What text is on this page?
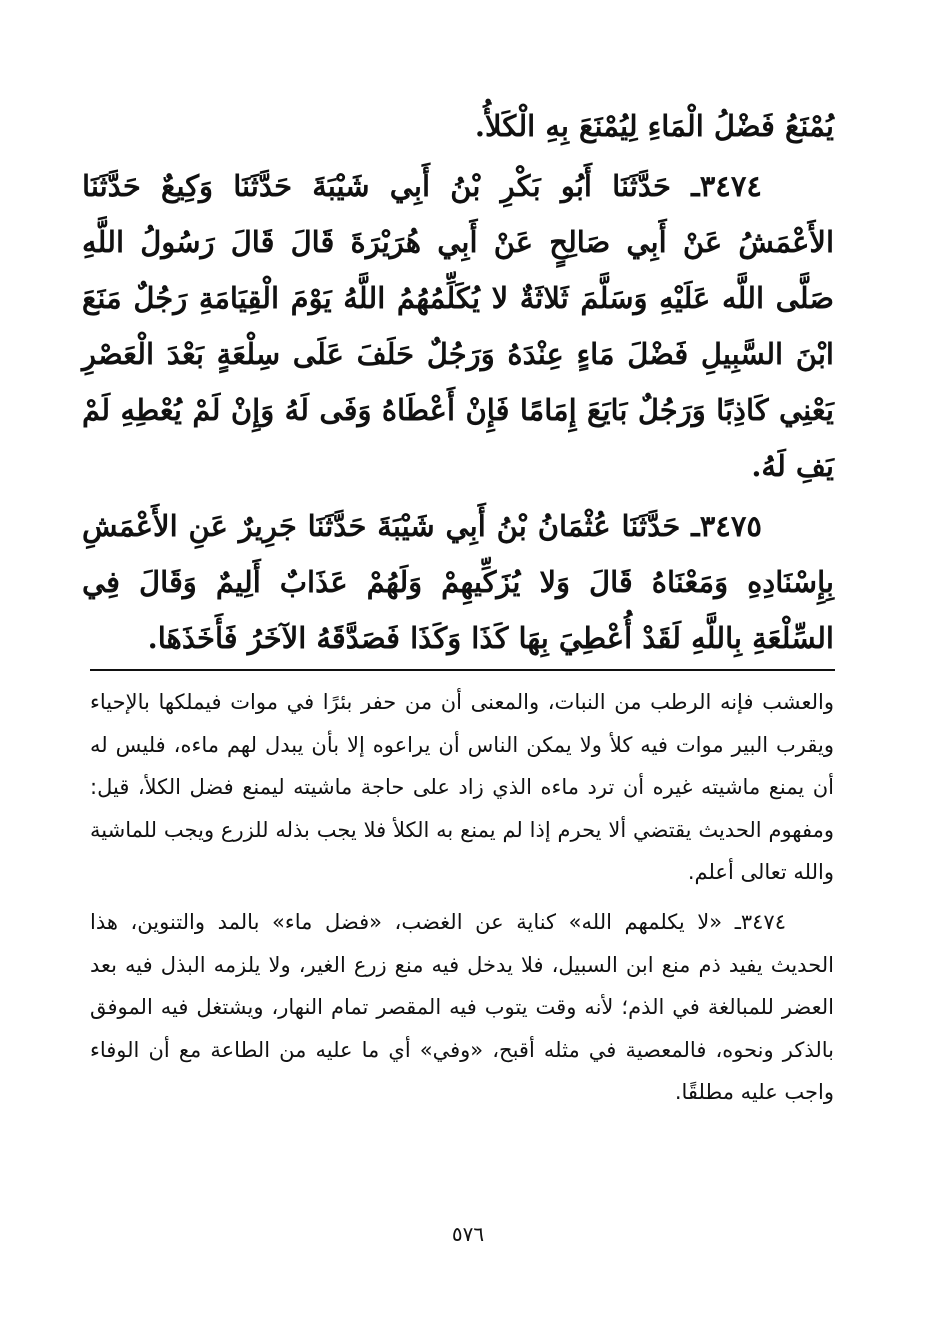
يُمْنَعُ فَضْلُ الْمَاءِ لِيُمْنَعَ بِهِ الْكَلأُ.

٣٤٧٤ـ حَدَّثَنَا أَبُو بَكْرِ بْنُ أَبِي شَيْبَةَ حَدَّثَنَا وَكِيعٌ حَدَّثَنَا الأَعْمَشُ عَنْ أَبِي صَالِحٍ عَنْ أَبِي هُرَيْرَةَ قَالَ قَالَ رَسُولُ اللَّهِ صَلَّى اللَّه عَلَيْهِ وَسَلَّمَ ثَلاثَةٌ لا يُكَلِّمُهُمُ اللَّهُ يَوْمَ الْقِيَامَةِ رَجُلٌ مَنَعَ ابْنَ السَّبِيلِ فَضْلَ مَاءٍ عِنْدَهُ وَرَجُلٌ حَلَفَ عَلَى سِلْعَةٍ بَعْدَ الْعَصْرِ يَعْنِي كَاذِبًا وَرَجُلٌ بَايَعَ إِمَامًا فَإِنْ أَعْطَاهُ وَفَى لَهُ وَإِنْ لَمْ يُعْطِهِ لَمْ يَفِ لَهُ.

٣٤٧٥ـ حَدَّثَنَا عُثْمَانُ بْنُ أَبِي شَيْبَةَ حَدَّثَنَا جَرِيرٌ عَنِ الأَعْمَشِ بِإِسْنَادِهِ وَمَعْنَاهُ قَالَ وَلا يُزَكِّيهِمْ وَلَهُمْ عَذَابٌ أَلِيمٌ وَقَالَ فِي السِّلْعَةِ بِاللَّهِ لَقَدْ أُعْطِيَ بِهَا كَذَا وَكَذَا فَصَدَّقَهُ الآخَرُ فَأَخَذَهَا.

والعشب فإنه الرطب من النبات، والمعنى أن من حفر بئرًا في موات فيملكها بالإحياء ويقرب البير موات فيه كلأ ولا يمكن الناس أن يراعوه إلا بأن يبدل لهم ماءه، فليس له أن يمنع ماشيته غيره أن ترد ماءه الذي زاد على حاجة ماشيته ليمنع فضل الكلأ، قيل: ومفهوم الحديث يقتضي ألا يحرم إذا لم يمنع به الكلأ فلا يجب بذله للزرع ويجب للماشية والله تعالى أعلم.

٣٤٧٤ـ «لا يكلمهم الله» كناية عن الغضب، «فضل ماء» بالمد والتنوين، هذا الحديث يفيد ذم منع ابن السبيل، فلا يدخل فيه منع زرع الغير، ولا يلزمه البذل فيه بعد العضر للمبالغة في الذم؛ لأنه وقت يتوب فيه المقصر تمام النهار، ويشتغل فيه الموفق بالذكر ونحوه، فالمعصية في مثله أقبح، «وفي» أي ما عليه من الطاعة مع أن الوفاء واجب عليه مطلقًا.

٥٧٦
